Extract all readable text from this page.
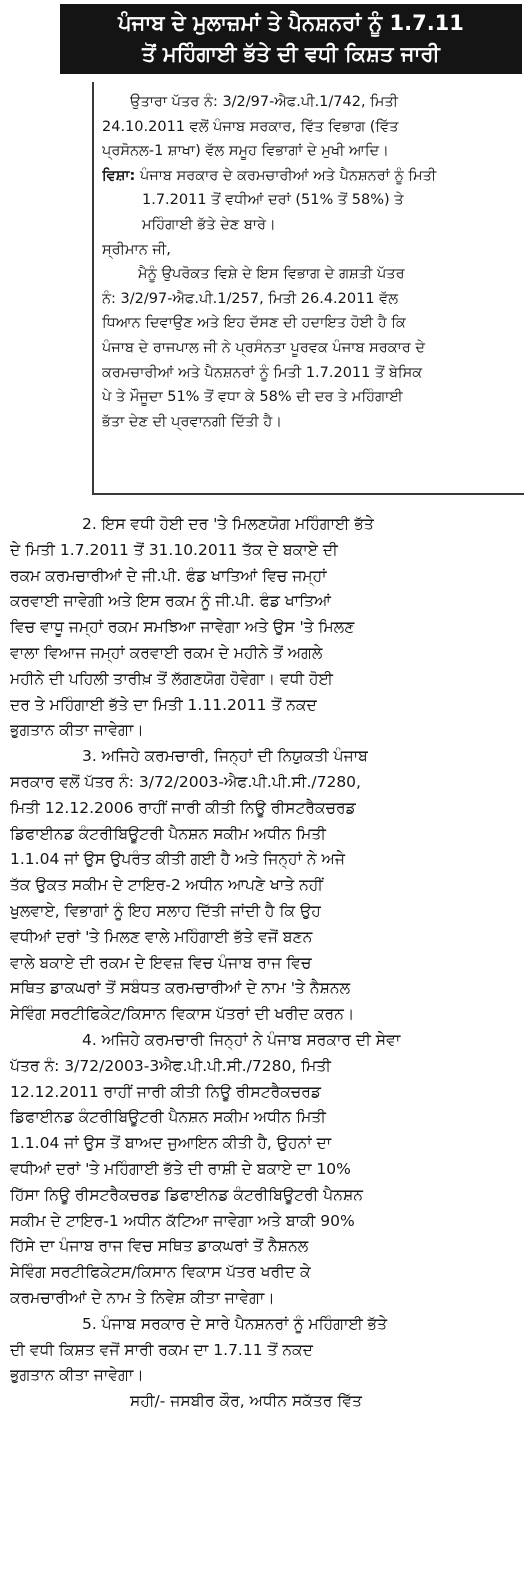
ਪੰਜਾਬ ਦੇ ਮੁਲਾਜ਼ਮਾਂ ਤੇ ਪੈਨਸ਼ਨਰਾਂ ਨੂੰ 1.7.11
ਤੋਂ ਮਹਿੰਗਾਈ ਭੱਤੇ ਦੀ ਵਧੀ ਕਿਸ਼ਤ ਜਾਰੀ
ਉਤਾਰਾ ਪੱਤਰ ਨੰ: 3/2/97-ਐਫ.ਪੀ.1/742, ਮਿਤੀ
24.10.2011 ਵਲੋਂ ਪੰਜਾਬ ਸਰਕਾਰ, ਵਿੱਤ ਵਿਭਾਗ (ਵਿੱਤ
ਪ੍ਰਸੋਨਲ-1 ਸ਼ਾਖਾ) ਵੱਲ ਸਮੂਹ ਵਿਭਾਗਾਂ ਦੇ ਮੁਖੀ ਆਦਿ।
ਵਿਸ਼ਾ: ਪੰਜਾਬ ਸਰਕਾਰ ਦੇ ਕਰਮਚਾਰੀਆਂ ਅਤੇ ਪੈਨਸ਼ਨਰਾਂ ਨੂੰ ਮਿਤੀ
1.7.2011 ਤੋਂ ਵਧੀਆਂ ਦਰਾਂ (51% ਤੋਂ 58%) ਤੇ
ਮਹਿੰਗਾਈ ਭੱਤੇ ਦੇਣ ਬਾਰੇ।
ਸ੍ਰੀਮਾਨ ਜੀ,
ਮੈਨੂੰ ਉਪਰੋਕਤ ਵਿਸ਼ੇ ਦੇ ਇਸ ਵਿਭਾਗ ਦੇ ਗਸ਼ਤੀ ਪੱਤਰ
ਨੰ: 3/2/97-ਐਫ.ਪੀ.1/257, ਮਿਤੀ 26.4.2011 ਵੱਲ
ਧਿਆਨ ਦਿਵਾਉਣ ਅਤੇ ਇਹ ਦੱਸਣ ਦੀ ਹਦਾਇਤ ਹੋਈ ਹੈ ਕਿ
ਪੰਜਾਬ ਦੇ ਰਾਜਪਾਲ ਜੀ ਨੇ ਪ੍ਰਸੰਨਤਾ ਪੂਰਵਕ ਪੰਜਾਬ ਸਰਕਾਰ ਦੇ
ਕਰਮਚਾਰੀਆਂ ਅਤੇ ਪੈਨਸ਼ਨਰਾਂ ਨੂੰ ਮਿਤੀ 1.7.2011 ਤੋਂ ਬੇਸਿਕ
ਪੇ ਤੇ ਮੌਜੂਦਾ 51% ਤੋਂ ਵਧਾ ਕੇ 58% ਦੀ ਦਰ ਤੇ ਮਹਿੰਗਾਈ
ਭੱਤਾ ਦੇਣ ਦੀ ਪ੍ਰਵਾਨਗੀ ਦਿੱਤੀ ਹੈ।
2. ਇਸ ਵਧੀ ਹੋਈ ਦਰ 'ਤੇ ਮਿਲਣਯੋਗ ਮਹਿੰਗਾਈ ਭੱਤੇ
ਦੇ ਮਿਤੀ 1.7.2011 ਤੋਂ 31.10.2011 ਤੱਕ ਦੇ ਬਕਾਏ ਦੀ
ਰਕਮ ਕਰਮਚਾਰੀਆਂ ਦੇ ਜੀ.ਪੀ. ਫੰਡ ਖਾਤਿਆਂ ਵਿਚ ਜਮ੍ਹਾਂ
ਕਰਵਾਈ ਜਾਵੇਗੀ ਅਤੇ ਇਸ ਰਕਮ ਨੂੰ ਜੀ.ਪੀ. ਫੰਡ ਖਾਤਿਆਂ
ਵਿਚ ਵਾਧੂ ਜਮ੍ਹਾਂ ਰਕਮ ਸਮਝਿਆ ਜਾਵੇਗਾ ਅਤੇ ਉਸ 'ਤੇ ਮਿਲਣ
ਵਾਲਾ ਵਿਆਜ ਜਮ੍ਹਾਂ ਕਰਵਾਈ ਰਕਮ ਦੇ ਮਹੀਨੇ ਤੋਂ ਅਗਲੇ
ਮਹੀਨੇ ਦੀ ਪਹਿਲੀ ਤਾਰੀਖ਼ ਤੋਂ ਲੱਗਣਯੋਗ ਹੋਵੇਗਾ। ਵਧੀ ਹੋਈ
ਦਰ ਤੇ ਮਹਿੰਗਾਈ ਭੱਤੇ ਦਾ ਮਿਤੀ 1.11.2011 ਤੋਂ ਨਕਦ
ਭੁਗਤਾਨ ਕੀਤਾ ਜਾਵੇਗਾ।
3. ਅਜਿਹੇ ਕਰਮਚਾਰੀ, ਜਿਨ੍ਹਾਂ ਦੀ ਨਿਯੁਕਤੀ ਪੰਜਾਬ
ਸਰਕਾਰ ਵਲੋਂ ਪੱਤਰ ਨੰ: 3/72/2003-ਐਫ.ਪੀ.ਪੀ.ਸੀ./7280,
ਮਿਤੀ 12.12.2006 ਰਾਹੀਂ ਜਾਰੀ ਕੀਤੀ ਨਿਊ ਰੀਸਟਰੈਕਚਰਡ
ਡਿਫਾਈਨਡ ਕੰਟਰੀਬਿਊਟਰੀ ਪੈਨਸ਼ਨ ਸਕੀਮ ਅਧੀਨ ਮਿਤੀ
1.1.04 ਜਾਂ ਉਸ ਉਪਰੰਤ ਕੀਤੀ ਗਈ ਹੈ ਅਤੇ ਜਿਨ੍ਹਾਂ ਨੇ ਅਜੇ
ਤੱਕ ਉਕਤ ਸਕੀਮ ਦੇ ਟਾਇਰ-2 ਅਧੀਨ ਆਪਣੇ ਖਾਤੇ ਨਹੀਂ
ਖੁਲਵਾਏ, ਵਿਭਾਗਾਂ ਨੂੰ ਇਹ ਸਲਾਹ ਦਿੱਤੀ ਜਾਂਦੀ ਹੈ ਕਿ ਉਹ
ਵਧੀਆਂ ਦਰਾਂ 'ਤੇ ਮਿਲਣ ਵਾਲੇ ਮਹਿੰਗਾਈ ਭੱਤੇ ਵਜੋਂ ਬਣਨ
ਵਾਲੇ ਬਕਾਏ ਦੀ ਰਕਮ ਦੇ ਇਵਜ਼ ਵਿਚ ਪੰਜਾਬ ਰਾਜ ਵਿਚ
ਸਥਿਤ ਡਾਕਘਰਾਂ ਤੋਂ ਸਬੰਧਤ ਕਰਮਚਾਰੀਆਂ ਦੇ ਨਾਮ 'ਤੇ ਨੈਸ਼ਨਲ
ਸੇਵਿੰਗ ਸਰਟੀਫਿਕੇਟ/ਕਿਸਾਨ ਵਿਕਾਸ ਪੱਤਰਾਂ ਦੀ ਖਰੀਦ ਕਰਨ।
4. ਅਜਿਹੇ ਕਰਮਚਾਰੀ ਜਿਨ੍ਹਾਂ ਨੇ ਪੰਜਾਬ ਸਰਕਾਰ ਦੀ ਸੇਵਾ
ਪੱਤਰ ਨੰ: 3/72/2003-3ਐਫ.ਪੀ.ਪੀ.ਸੀ./7280, ਮਿਤੀ
12.12.2011 ਰਾਹੀਂ ਜਾਰੀ ਕੀਤੀ ਨਿਊ ਰੀਸਟਰੈਕਚਰਡ
ਡਿਫਾਈਨਡ ਕੰਟਰੀਬਿਊਟਰੀ ਪੈਨਸ਼ਨ ਸਕੀਮ ਅਧੀਨ ਮਿਤੀ
1.1.04 ਜਾਂ ਉਸ ਤੋਂ ਬਾਅਦ ਜੁਆਇਨ ਕੀਤੀ ਹੈ, ਉਹਨਾਂ ਦਾ
ਵਧੀਆਂ ਦਰਾਂ 'ਤੇ ਮਹਿੰਗਾਈ ਭੱਤੇ ਦੀ ਰਾਸ਼ੀ ਦੇ ਬਕਾਏ ਦਾ 10%
ਹਿੱਸਾ ਨਿਊ ਰੀਸਟਰੈਕਚਰਡ ਡਿਫਾਈਨਡ ਕੰਟਰੀਬਿਊਟਰੀ ਪੈਨਸ਼ਨ
ਸਕੀਮ ਦੇ ਟਾਇਰ-1 ਅਧੀਨ ਕੱਟਿਆ ਜਾਵੇਗਾ ਅਤੇ ਬਾਕੀ 90%
ਹਿੱਸੇ ਦਾ ਪੰਜਾਬ ਰਾਜ ਵਿਚ ਸਥਿਤ ਡਾਕਘਰਾਂ ਤੋਂ ਨੈਸ਼ਨਲ
ਸੇਵਿੰਗ ਸਰਟੀਫਿਕੇਟਸ/ਕਿਸਾਨ ਵਿਕਾਸ ਪੱਤਰ ਖਰੀਦ ਕੇ
ਕਰਮਚਾਰੀਆਂ ਦੇ ਨਾਮ ਤੇ ਨਿਵੇਸ਼ ਕੀਤਾ ਜਾਵੇਗਾ।
5. ਪੰਜਾਬ ਸਰਕਾਰ ਦੇ ਸਾਰੇ ਪੈਨਸ਼ਨਰਾਂ ਨੂੰ ਮਹਿੰਗਾਈ ਭੱਤੇ
ਦੀ ਵਧੀ ਕਿਸ਼ਤ ਵਜੋਂ ਸਾਰੀ ਰਕਮ ਦਾ 1.7.11 ਤੋਂ ਨਕਦ
ਭੁਗਤਾਨ ਕੀਤਾ ਜਾਵੇਗਾ।
ਸਹੀ/- ਜਸਬੀਰ ਕੌਰ, ਅਧੀਨ ਸਕੱਤਰ ਵਿੱਤ
